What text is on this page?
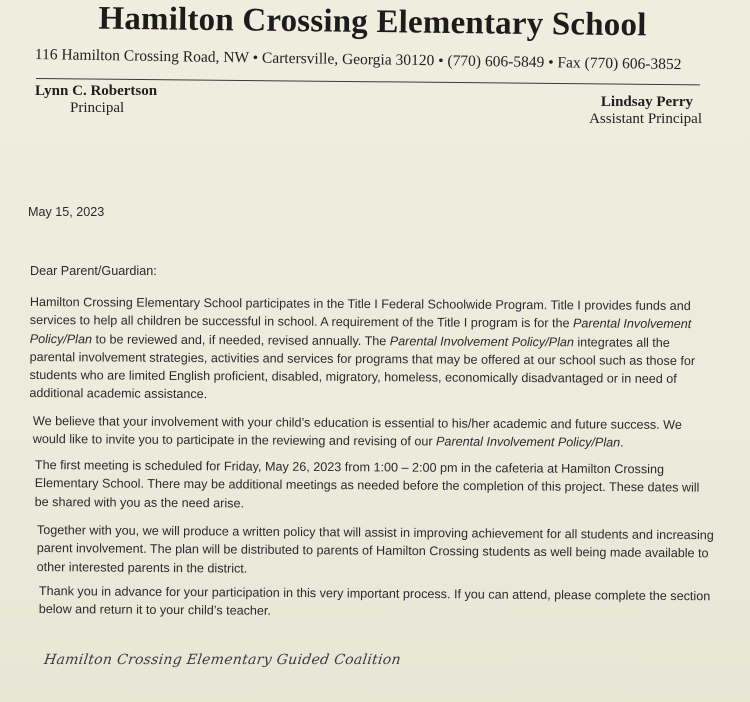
Hamilton Crossing Elementary School
116 Hamilton Crossing Road, NW • Cartersville, Georgia 30120 • (770) 606-5849 • Fax (770) 606-3852
Lynn C. Robertson
Principal	Lindsay Perry
Assistant Principal
May 15, 2023
Dear Parent/Guardian:
Hamilton Crossing Elementary School participates in the Title I Federal Schoolwide Program. Title I provides funds and services to help all children be successful in school. A requirement of the Title I program is for the Parental Involvement Policy/Plan to be reviewed and, if needed, revised annually. The Parental Involvement Policy/Plan integrates all the parental involvement strategies, activities and services for programs that may be offered at our school such as those for students who are limited English proficient, disabled, migratory, homeless, economically disadvantaged or in need of additional academic assistance.
We believe that your involvement with your child’s education is essential to his/her academic and future success. We would like to invite you to participate in the reviewing and revising of our Parental Involvement Policy/Plan.
The first meeting is scheduled for Friday, May 26, 2023 from 1:00 – 2:00 pm in the cafeteria at Hamilton Crossing Elementary School. There may be additional meetings as needed before the completion of this project. These dates will be shared with you as the need arise.
Together with you, we will produce a written policy that will assist in improving achievement for all students and increasing parent involvement. The plan will be distributed to parents of Hamilton Crossing students as well being made available to other interested parents in the district.
Thank you in advance for your participation in this very important process. If you can attend, please complete the section below and return it to your child’s teacher.
Hamilton Crossing Elementary Guided Coalition
